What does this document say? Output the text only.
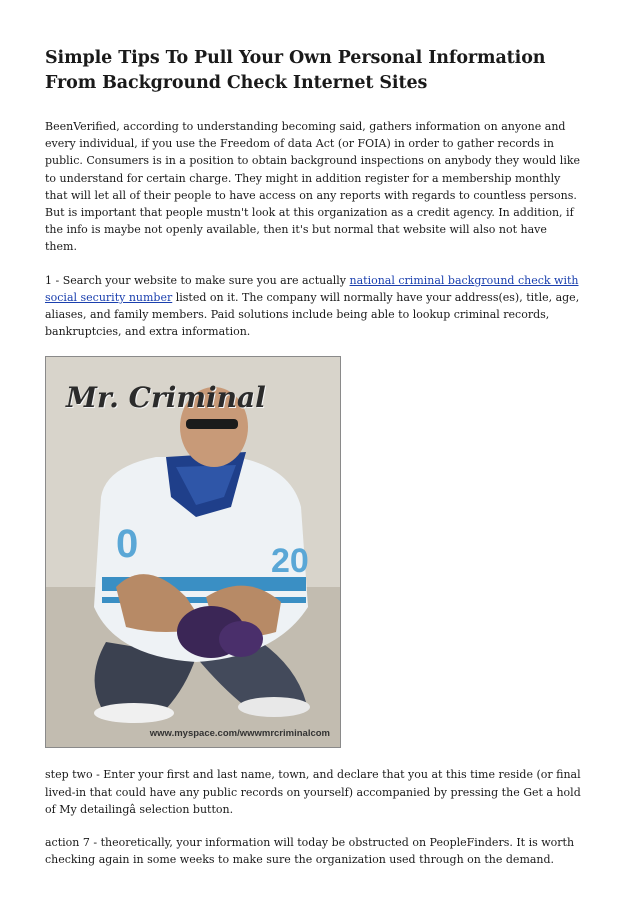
Simple Tips To Pull Your Own Personal Information From Background Check Internet Sites

BeenVerified, according to understanding becoming said, gathers information on anyone and every individual, if you use the Freedom of data Act (or FOIA) in order to gather records in public. Consumers is in a position to obtain background inspections on anybody they would like to understand for certain charge. They might in addition register for a membership monthly that will let all of their people to have access on any reports with regards to countless persons. But is important that people mustn't look at this organization as a credit agency. In addition, if the info is maybe not openly available, then it's but normal that website will also not have them.

1 - Search your website to make sure you are actually national criminal background check with social security number listed on it. The company will normally have your address(es), title, age, aliases, and family members. Paid solutions include being able to lookup criminal records, bankruptcies, and extra information.

0	20
Mr. Criminal
www.myspace.com/wwwmrcriminalcom

step two - Enter your first and last name, town, and declare that you at this time reside (or final lived-in that could have any public records on yourself) accompanied by pressing the Get a hold of My detailingâ selection button.

action 7 - theoretically, your information will today be obstructed on PeopleFinders. It is worth checking again in some weeks to make sure the organization used through on the demand.
